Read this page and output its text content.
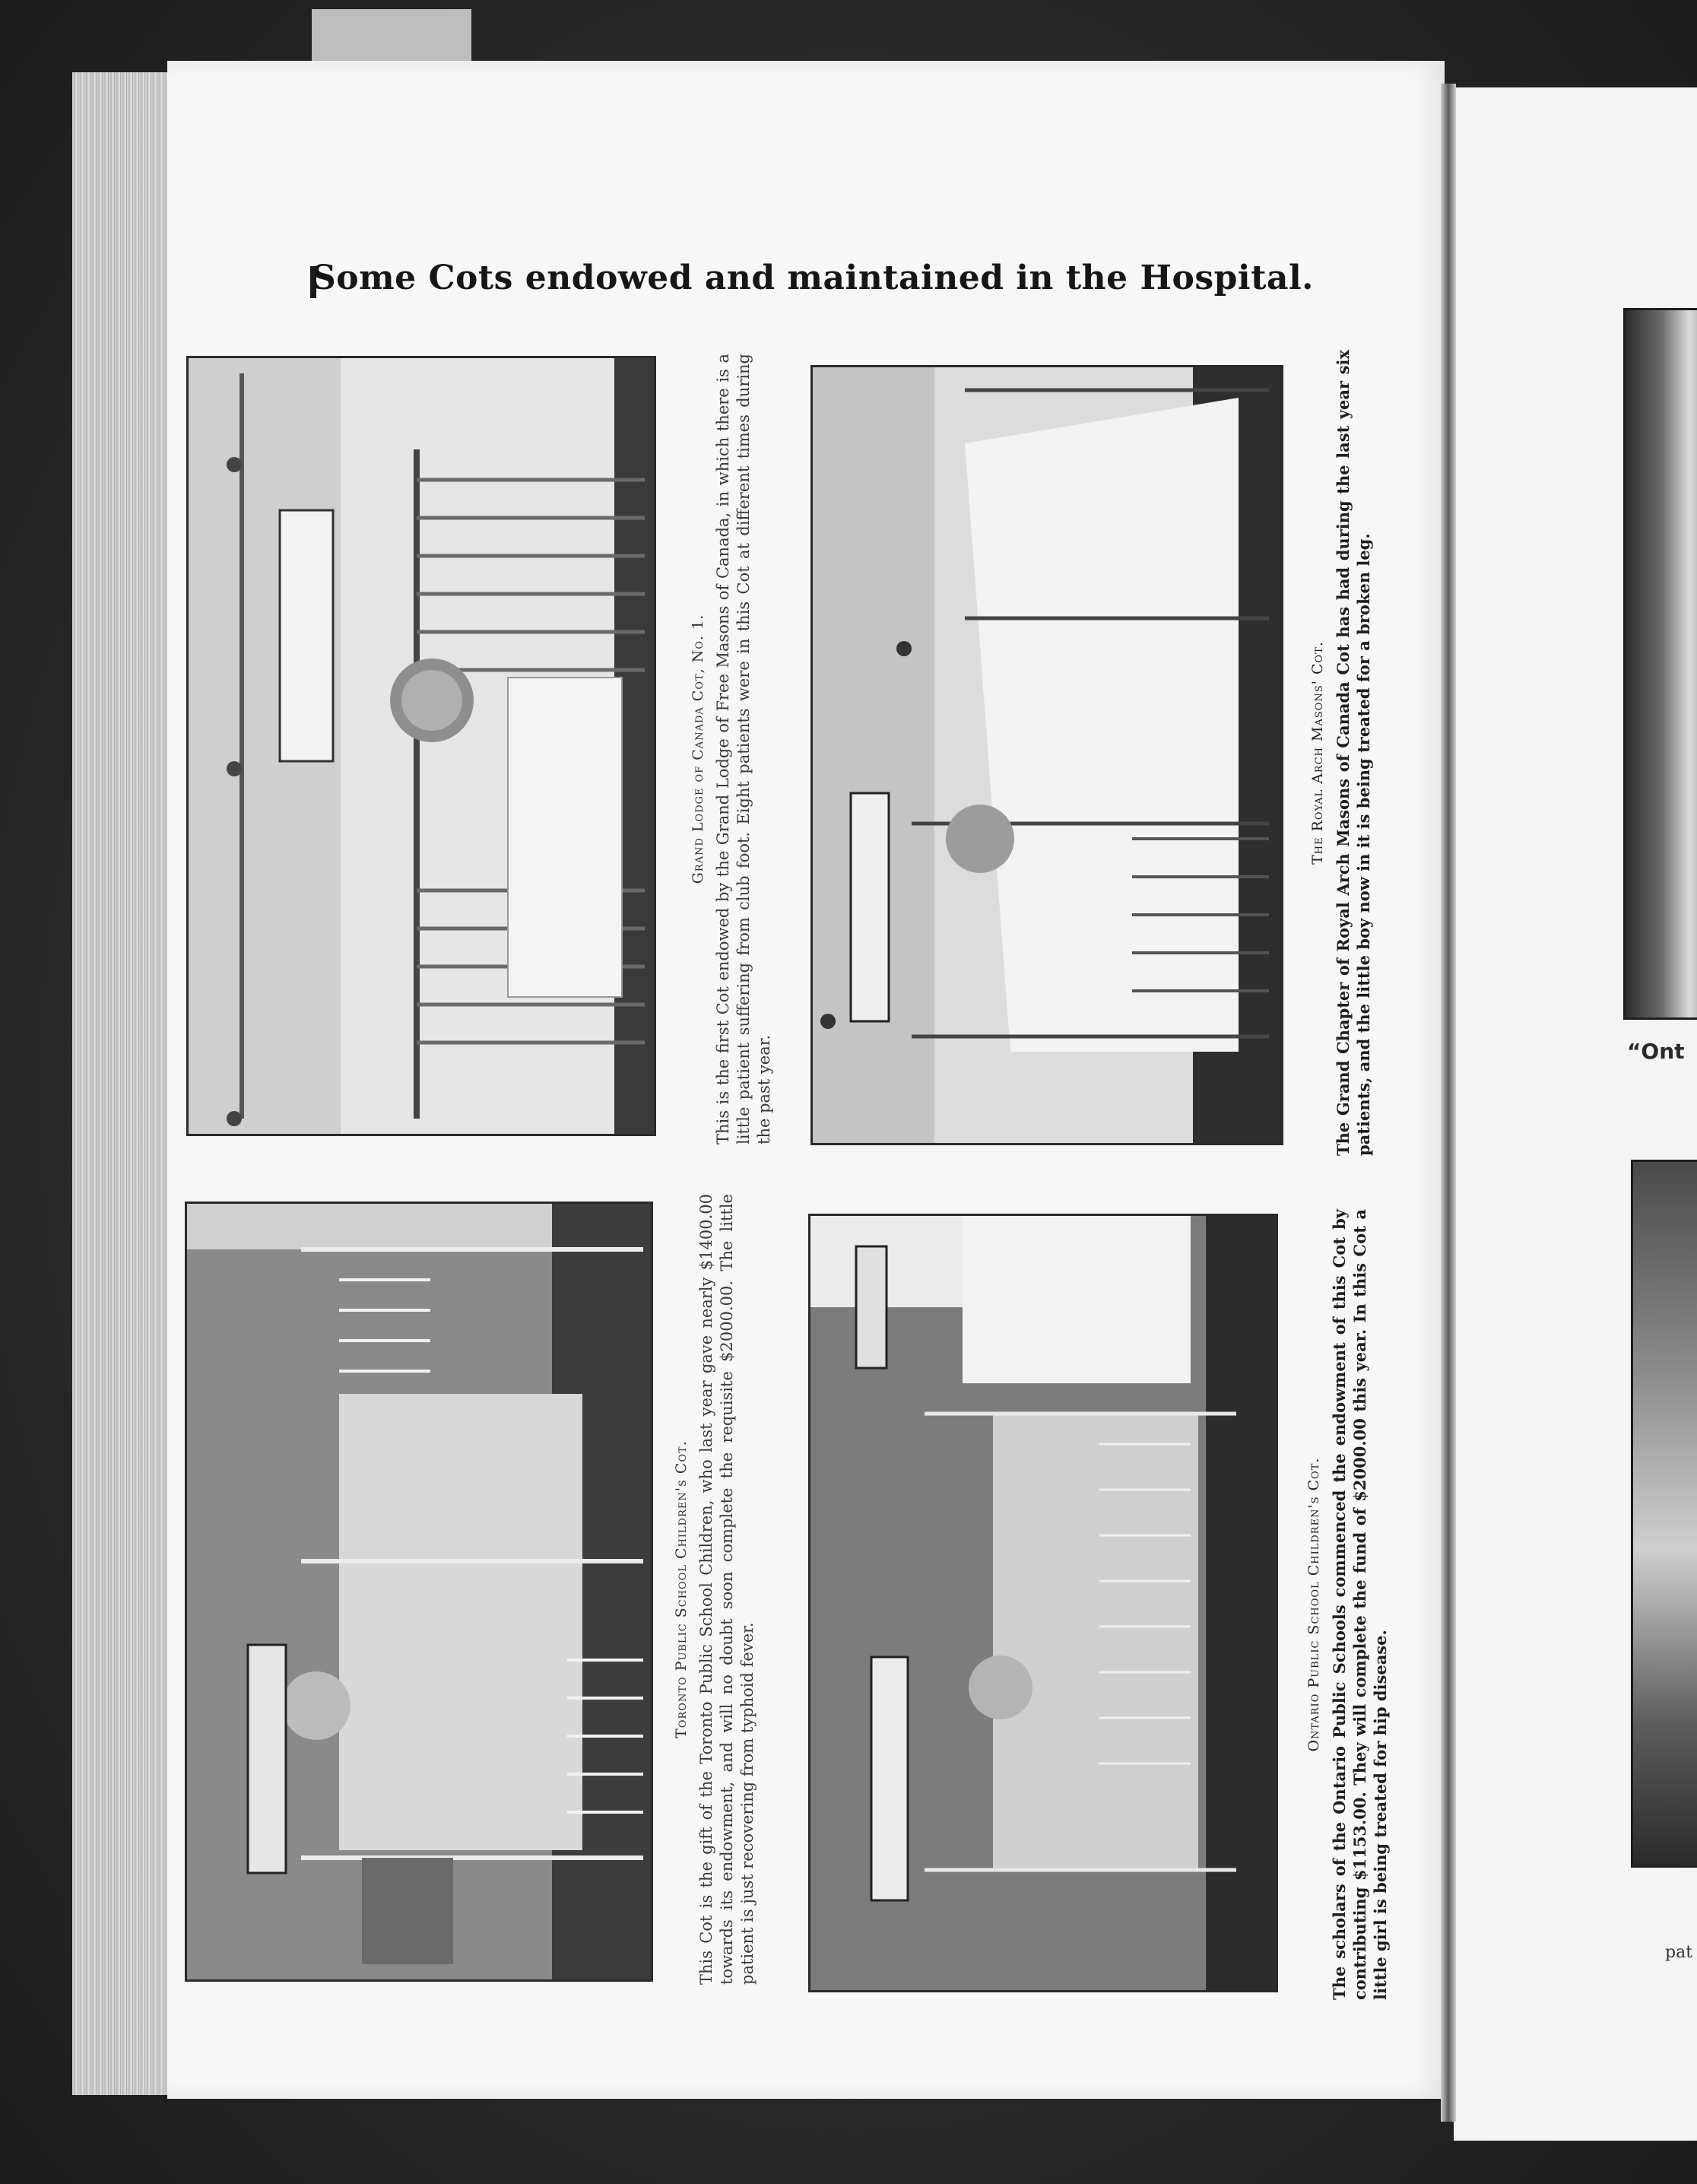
Some Cots endowed and maintained in the Hospital.
Grand Lodge of Canada Cot, No. 1. This is the first Cot endowed by the Grand Lodge of Free Masons of Canada, in which there is a little patient suffering from club foot. Eight patients were in this Cot at different times during the past year.
Toronto Public School Children's Cot. This Cot is the gift of the Toronto Public School Children, who last year gave nearly $1400.00 towards its endowment, and will no doubt soon complete the requisite $2000.00. The little patient is just recovering from typhoid fever.
The Royal Arch Masons' Cot. The Grand Chapter of Royal Arch Masons of Canada Cot has had during the last year six patients, and the little boy now in it is being treated for a broken leg.
Ontario Public School Children's Cot. The scholars of the Ontario Public Schools commenced the endowment of this Cot by contributing $1153.00. They will complete the fund of $2000.00 this year. In this Cot a little girl is being treated for hip disease.
“Ont
pat
